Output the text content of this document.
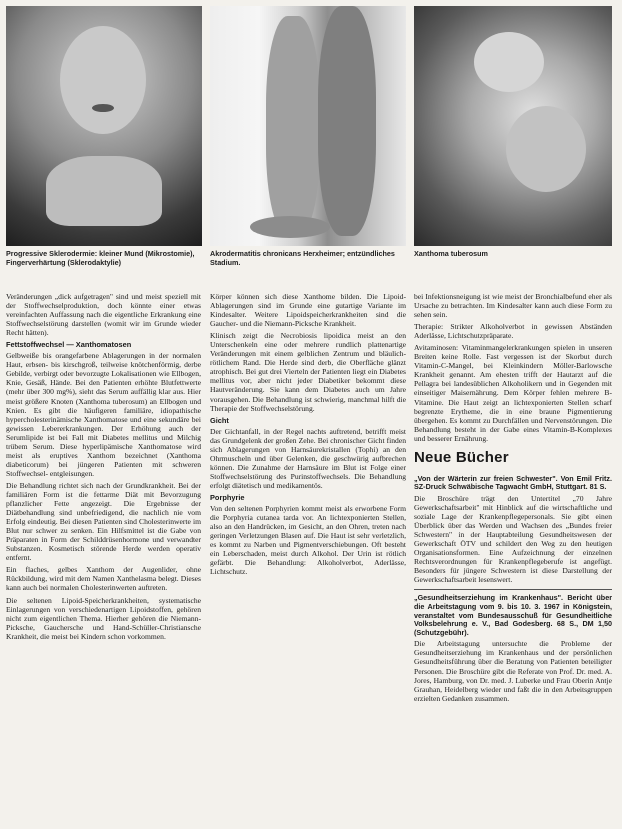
Progressive Sklerodermie: kleiner Mund (Mikrostomie), Fingerverhärtung (Sklerodaktylie)
Akrodermatitis chronicans Herxheimer; entzündliches Stadium.
Xanthoma tuberosum

Veränderungen „dick aufgetragen" sind und meist speziell mit der Stoffwechselproduktion, doch könnte einer etwas vereinfachten Auffassung nach die eigentliche Erkrankung eine Stoffwechselstörung darstellen (womit wir im Grunde wieder Recht hätten).

Fettstoffwechsel — Xanthomatosen

Gelbweiße bis orangefarbene Ablagerungen in der normalen Haut, erbsen- bis kirschgroß, teilweise knötchenförmig, derbe Gebilde, verbirgt oder bevorzugte Lokalisationen wie Ellbogen, Knie, Gesäß, Hände. Bei den Patienten erhöhte Blutfettwerte (mehr über 300 mg%), sieht das Serum auffällig klar aus. Hier meist größere Knoten (Xanthoma tuberosum) an Ellbogen und Knien. Es gibt die häufigeren familiäre, idiopathische hypercholesterinämische Xanthomatose und eine sekundäre bei gewissen Lebererkrankungen. Der Erhöhung auch der Serumlipide ist bei Fall mit Diabetes mellitus und Milchig trübem Serum. Diese hyperlipämische Xanthomatose wird meist als eruptives Xanthom bezeichnet (Xanthoma diabeticorum) bei jüngeren Patienten mit schweren Stoffwechsel- entgleisungen.

Die Behandlung richtet sich nach der Grundkrankheit. Bei der familiären Form ist die fettarme Diät mit Bevorzugung pflanzlicher Fette angezeigt. Die Ergebnisse der Diätbehandlung sind unbefriedigend, die nachlich nie vom Erfolg eindeutig. Bei diesen Patienten sind Cholesterinwerte im Blut nur schwer zu senken. Ein Hilfsmittel ist die Gabe von Präparaten in Form der Schilddrüsenhormone und verwandter Substanzen. Kosmetisch störende Herde werden operativ entfernt.

Ein flaches, gelbes Xanthom der Augenlider, ohne Rückbildung, wird mit dem Namen Xanthelasma belegt. Dieses kann auch bei normalen Cholesterinwerten auftreten.

Die seltenen Lipoid-Speicherkrankheiten, systematische Einlagerungen von verschiedenartigen Lipoidstoffen, gehören nicht zum eigentlichen Thema. Hierher gehören die Niemann-Picksche, Gauchersche und Hand-Schüller-Christiansche Krankheit, die meist bei Kindern schon vorkommen.

Körper können sich diese Xanthome bilden. Die Lipoid-Ablagerungen sind im Grunde eine gutartige Variante im Kindesalter. Weitere Lipoidspeicherkrankheiten sind die Gaucher- und die Niemann-Picksche Krankheit.

Klinisch zeigt die Necrobiosis lipoidica meist an den Unterschenkeln eine oder mehrere rundlich plattenartige Veränderungen mit einem gelblichen Zentrum und bläulich-rötlichem Rand. Die Herde sind derb, die Oberfläche glänzt atrophisch. Bei gut drei Vierteln der Patienten liegt ein Diabetes mellitus vor, aber nicht jeder Diabetiker bekommt diese Hautveränderung. Sie kann dem Diabetes auch um Jahre vorausgehen. Die Behandlung ist schwierig, manchmal hilft die Therapie der Stoffwechselstörung.

Gicht

Der Gichtanfall, in der Regel nachts auftretend, betrifft meist das Grundgelenk der großen Zehe. Bei chronischer Gicht finden sich Ablagerungen von Harnsäurekristallen (Tophi) an den Ohrmuscheln und über Gelenken, die geschwürig aufbrechen können. Die Zunahme der Harnsäure im Blut ist Folge einer Stoffwechselstörung des Purinstoffwechsels. Die Behandlung erfolgt diätetisch und medikamentös.

Porphyrie

Von den seltenen Porphyrien kommt meist als erworbene Form die Porphyria cutanea tarda vor. An lichtexponierten Stellen, also an den Handrücken, im Gesicht, an den Ohren, treten nach geringen Verletzungen Blasen auf. Die Haut ist sehr verletzlich, es kommt zu Narben und Pigmentverschiebungen. Oft besteht ein Leberschaden, meist durch Alkohol. Der Urin ist rötlich gefärbt. Die Behandlung: Alkoholverbot, Aderlässe, Lichtschutz.

bei Infektionsneigung ist wie meist der Bronchialbefund eher als Ursache zu betrachten. Im Kindesalter kann auch diese Form zu sehen sein.

Therapie: Strikter Alkoholverbot in gewissen Abständen Aderlässe, Lichtschutzpräparate.

Avitaminosen: Vitaminmangelerkrankungen spielen in unseren Breiten keine Rolle. Fast vergessen ist der Skorbut durch Vitamin-C-Mangel, bei Kleinkindern Möller-Barlowsche Krankheit genannt. Am ehesten trifft der Hautarzt auf die Pellagra bei landesüblichen Alkoholikern und in Gegenden mit einseitiger Maisernährung. Dem Körper fehlen mehrere B-Vitamine. Die Haut zeigt an lichtexponierten Stellen scharf begrenzte Erytheme, die in eine braune Pigmentierung übergehen. Es kommt zu Durchfällen und Nervenstörungen. Die Behandlung besteht in der Gabe eines Vitamin-B-Komplexes und besserer Ernährung.

Neue Bücher
„Von der Wärterin zur freien Schwester". Von Emil Fritz. SZ-Druck Schwäbische Tagwacht GmbH, Stuttgart. 81 S.

Die Broschüre trägt den Untertitel „70 Jahre Gewerkschaftsarbeit" mit Hinblick auf die wirtschaftliche und soziale Lage der Krankenpflegepersonals. Sie gibt einen Überblick über das Werden und Wachsen des „Bundes freier Schwestern" in der Hauptabteilung Gesundheitswesen der Gewerkschaft ÖTV und schildert den Weg zu den heutigen Organisationsformen. Eine Aufzeichnung der einzelnen Rechtsverordnungen für Krankenpflegeberufe ist angefügt. Besonders für jüngere Schwestern ist diese Darstellung der Gewerkschaftsarbeit lesenswert.

„Gesundheitserziehung im Krankenhaus". Bericht über die Arbeitstagung vom 9. bis 10. 3. 1967 in Königstein, veranstaltet vom Bundesausschuß für Gesundheitliche Volksbelehrung e. V., Bad Godesberg. 68 S., DM 1,50 (Schutzgebühr).

Die Arbeitstagung untersuchte die Probleme der Gesundheitserziehung im Krankenhaus und der persönlichen Gesundheitsführung über die Beratung von Patienten beteiligter Personen. Die Broschüre gibt die Referate von Prof. Dr. med. A. Jores, Hamburg, von Dr. med. J. Luberke und Frau Oberin Antje Grauhan, Heidelberg wieder und faßt die in den Arbeitsgruppen erzielten Gedanken zusammen.
